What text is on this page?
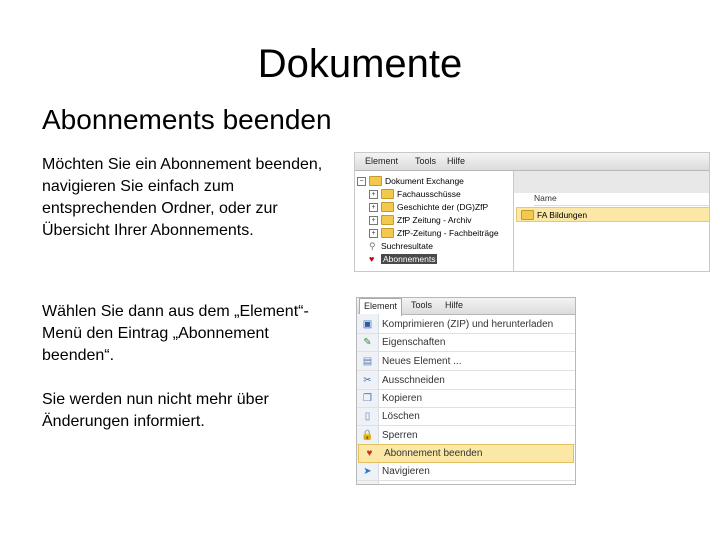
Dokumente
Abonnements beenden
Möchten Sie ein Abonnement beenden, navigieren Sie einfach zum entsprechenden Ordner, oder zur Übersicht Ihrer Abonnements.
Wählen Sie dann aus dem „Element“-Menü den Eintrag „Abonnement beenden“.
Sie werden nun nicht mehr über Änderungen informiert.
Element Tools Hilfe
−	Dokument Exchange
+	Fachausschüsse
+	Geschichte der (DG)ZfP
+	ZfP Zeitung - Archiv
+	ZfP-Zeitung - Fachbeiträge
⚲ Suchresultate
♥	Abonnements
Name
FA Bildungen
Element	Tools Hilfe
▣ Komprimieren (ZIP) und herunterladen
✎	Eigenschaften
▤ Neues Element ...
✂	Ausschneiden
❐	Kopieren
▯	Löschen
🔒 Sperren
♥	Abonnement beenden
➤	Navigieren
